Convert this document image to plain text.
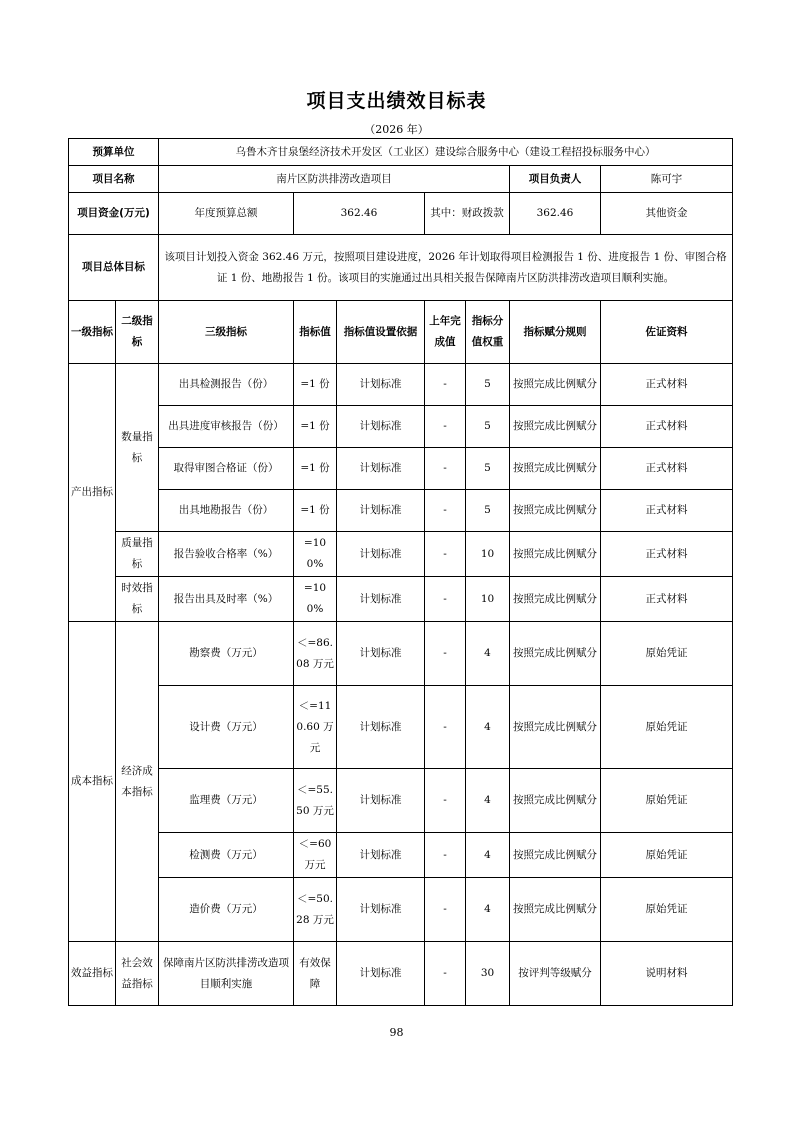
项目支出绩效目标表
（2026 年）
预算单位		乌鲁木齐甘泉堡经济技术开发区（工业区）建设综合服务中心（建设工程招投标服务中心）						
项目名称		南片区防洪排涝改造项目					项目负责人	陈可宇
项目资金(万元)		年度预算总额	362.46		其中：财政拨款		362.46	其他资金
项目总体目标		该项目计划投入资金 362.46 万元，按照项目建设进度，2026 年计划取得项目检测报告 1 份、进度报告 1 份、审图合格证 1 份、地勘报告 1 份。该项目的实施通过出具相关报告保障南片区防洪排涝改造项目顺利实施。						
一级指标	二级指标	三级指标	指标值	指标值设置依据	上年完成值	指标分值权重	指标赋分规则	佐证资料
产出指标	数量指标	出具检测报告（份）	=1 份	计划标准	-	5	按照完成比例赋分	正式材料
		出具进度审核报告（份）	=1 份	计划标准	-	5	按照完成比例赋分	正式材料
		取得审图合格证（份）	=1 份	计划标准	-	5	按照完成比例赋分	正式材料
		出具地勘报告（份）	=1 份	计划标准	-	5	按照完成比例赋分	正式材料
	质量指标	报告验收合格率（%）	=100%	计划标准	-	10	按照完成比例赋分	正式材料
	时效指标	报告出具及时率（%）	=100%	计划标准	-	10	按照完成比例赋分	正式材料
成本指标	经济成本指标	勘察费（万元）	＜=86.08 万元	计划标准	-	4	按照完成比例赋分	原始凭证
		设计费（万元）	＜=110.60 万元	计划标准	-	4	按照完成比例赋分	原始凭证
		监理费（万元）	＜=55.50 万元	计划标准	-	4	按照完成比例赋分	原始凭证
		检测费（万元）	＜=60 万元	计划标准	-	4	按照完成比例赋分	原始凭证
		造价费（万元）	＜=50.28 万元	计划标准	-	4	按照完成比例赋分	原始凭证
效益指标	社会效益指标	保障南片区防洪排涝改造项目顺利实施	有效保障	计划标准	-	30	按评判等级赋分	说明材料
98
